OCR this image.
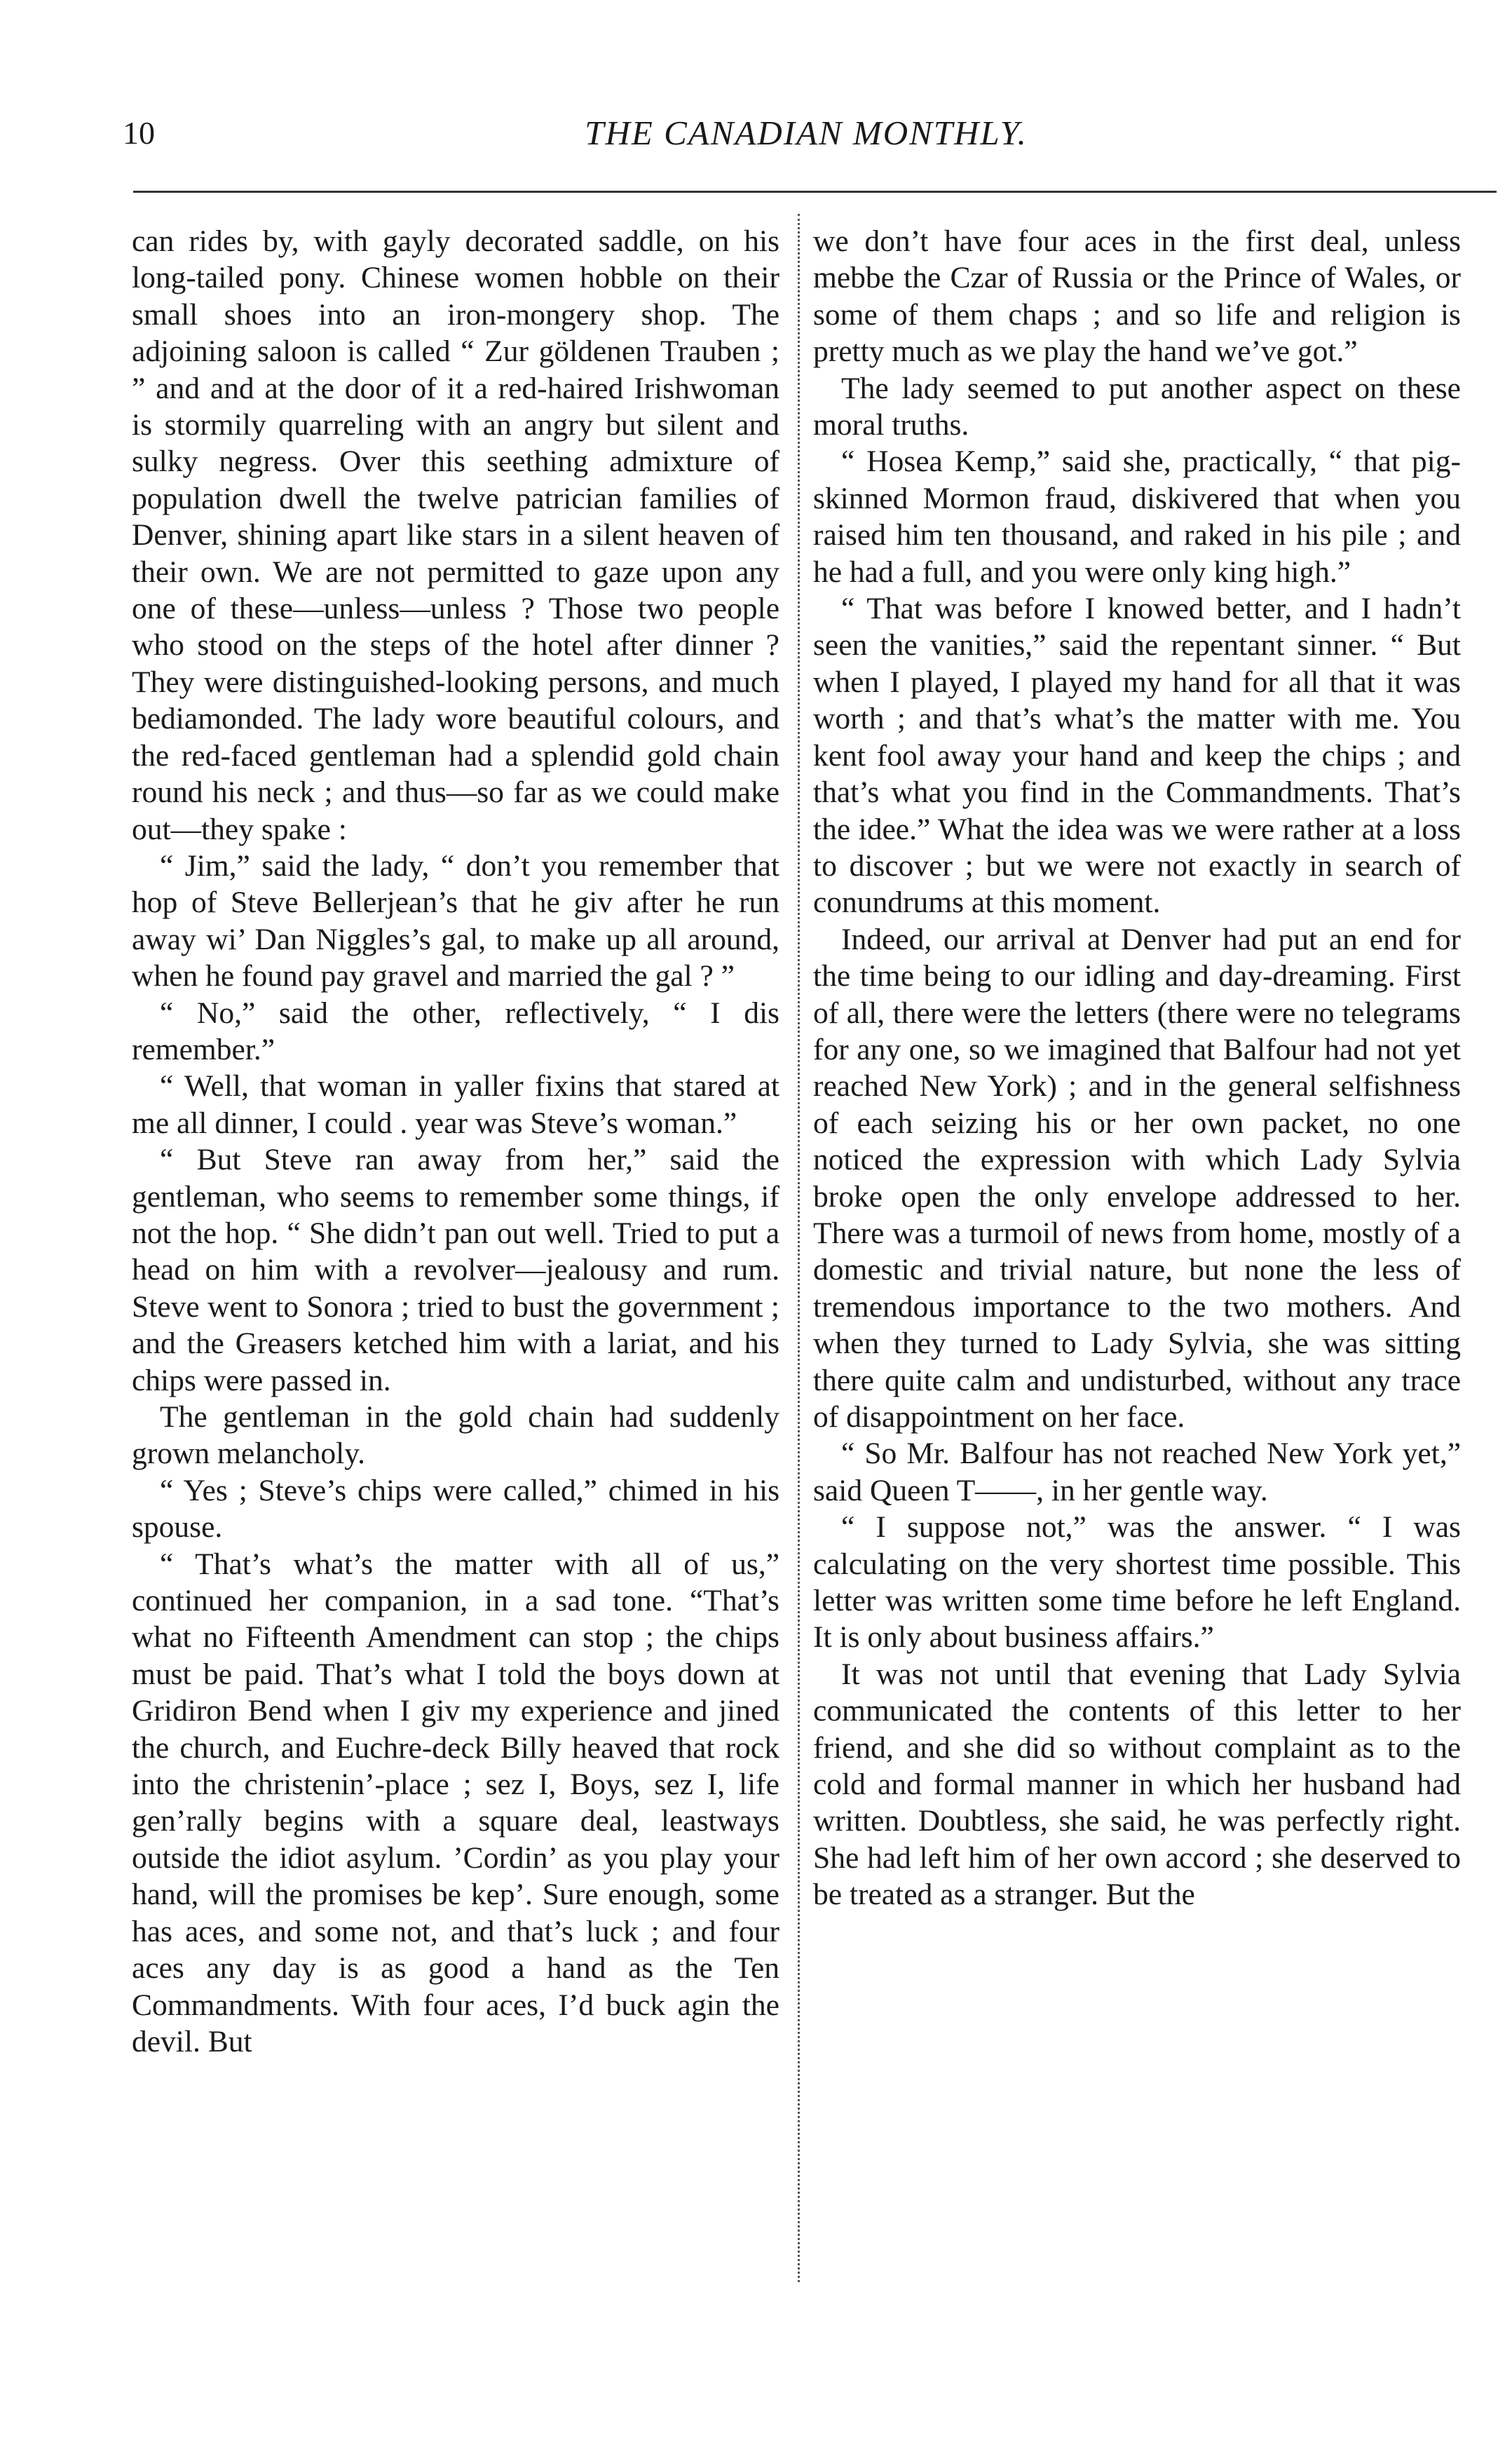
10	THE CANADIAN MONTHLY.

can rides by, with gayly decorated saddle, on his long-tailed pony. Chinese women hobble on their small shoes into an iron-mongery shop. The adjoining saloon is called “ Zur göldenen Trauben ; ” and and at the door of it a red-haired Irishwoman is stormily quarreling with an angry but silent and sulky negress. Over this seething admixture of population dwell the twelve patrician families of Denver, shining apart like stars in a silent heaven of their own. We are not permitted to gaze upon any one of these—unless—unless ? Those two people who stood on the steps of the hotel after dinner ? They were distinguished-looking persons, and much bediamonded. The lady wore beautiful colours, and the red-faced gentleman had a splendid gold chain round his neck ; and thus—so far as we could make out—they spake :

“ Jim,” said the lady, “ don’t you remember that hop of Steve Bellerjean’s that he giv after he run away wi’ Dan Niggles’s gal, to make up all around, when he found pay gravel and married the gal ? ”

“ No,” said the other, reflectively, “ I dis remember.”

“ Well, that woman in yaller fixins that stared at me all dinner, I could . year was Steve’s woman.”

“ But Steve ran away from her,” said the gentleman, who seems to remember some things, if not the hop. “ She didn’t pan out well. Tried to put a head on him with a revolver—jealousy and rum. Steve went to Sonora ; tried to bust the government ; and the Greasers ketched him with a lariat, and his chips were passed in.

The gentleman in the gold chain had suddenly grown melancholy.

“ Yes ; Steve’s chips were called,” chimed in his spouse.

“ That’s what’s the matter with all of us,” continued her companion, in a sad tone. “That’s what no Fifteenth Amendment can stop ; the chips must be paid. That’s what I told the boys down at Gridiron Bend when I giv my experience and jined the church, and Euchre-deck Billy heaved that rock into the christenin’-place ; sez I, Boys, sez I, life gen’rally begins with a square deal, leastways outside the idiot asylum. ’Cordin’ as you play your hand, will the promises be kep’. Sure enough, some has aces, and some not, and that’s luck ; and four aces any day is as good a hand as the Ten Commandments. With four aces, I’d buck agin the devil. But

we don’t have four aces in the first deal, unless mebbe the Czar of Russia or the Prince of Wales, or some of them chaps ; and so life and religion is pretty much as we play the hand we’ve got.”

The lady seemed to put another aspect on these moral truths.

“ Hosea Kemp,” said she, practically, “ that pig-skinned Mormon fraud, diskivered that when you raised him ten thousand, and raked in his pile ; and he had a full, and you were only king high.”

“ That was before I knowed better, and I hadn’t seen the vanities,” said the repentant sinner. “ But when I played, I played my hand for all that it was worth ; and that’s what’s the matter with me. You kent fool away your hand and keep the chips ; and that’s what you find in the Commandments. That’s the idee.” What the idea was we were rather at a loss to discover ; but we were not exactly in search of conundrums at this moment.

Indeed, our arrival at Denver had put an end for the time being to our idling and day-dreaming. First of all, there were the letters (there were no telegrams for any one, so we imagined that Balfour had not yet reached New York) ; and in the general selfishness of each seizing his or her own packet, no one noticed the expression with which Lady Sylvia broke open the only envelope addressed to her. There was a turmoil of news from home, mostly of a domestic and trivial nature, but none the less of tremendous importance to the two mothers. And when they turned to Lady Sylvia, she was sitting there quite calm and undisturbed, without any trace of disappointment on her face.

“ So Mr. Balfour has not reached New York yet,” said Queen T——, in her gentle way.

“ I suppose not,” was the answer. “ I was calculating on the very shortest time possible. This letter was written some time before he left England. It is only about business affairs.”

It was not until that evening that Lady Sylvia communicated the contents of this letter to her friend, and she did so without complaint as to the cold and formal manner in which her husband had written. Doubtless, she said, he was perfectly right. She had left him of her own accord ; she deserved to be treated as a stranger. But the
